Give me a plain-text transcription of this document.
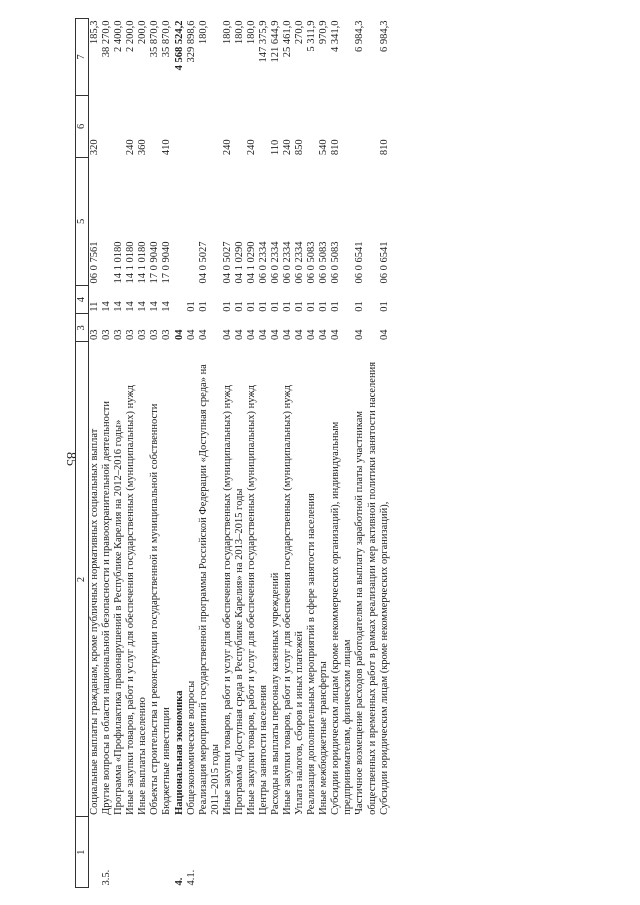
85
1	2	3	4	5	6	7
	Социальные выплаты гражданам, кроме публичных нормативных социальных выплат	03	11	06 0 7561	320	185,3
3.5.	Другие вопросы в области национальной безопасности и правоохранительной деятельности	03	14			38 270,0
	Программа «Профилактика правонарушений в Республике Карелия на 2012–2016 годы»	03	14	14 1 0180		2 400,0
	Иные закупки товаров, работ и услуг для обеспечения государственных (муниципальных) нужд	03	14	14 1 0180	240	2 200,0
	Иные выплаты населению	03	14	14 1 0180	360	200,0
	Объекты строительства и реконструкции государственной и муниципальной собственности	03	14	17 0 9040		35 870,0
	Бюджетные инвестиции	03	14	17 0 9040	410	35 870,0
4.	Национальная экономика	04				4 568 524,2
4.1.	Общеэкономические вопросы	04	01			329 898,6
	Реализация мероприятий государственной программы Российской Федерации «Доступная среда» на 2011–2015 годы	04	01	04 0 5027		180,0
	Иные закупки товаров, работ и услуг для обеспечения государственных (муниципальных) нужд	04	01	04 0 5027	240	180,0
	Программа «Доступная среда в Республике Карелия» на 2013–2015 годы	04	01	04 1 0290		180,0
	Иные закупки товаров, работ и услуг для обеспечения государственных (муниципальных) нужд	04	01	04 1 0290	240	180,0
	Центры занятости населения	04	01	06 0 2334		147 375,9
	Расходы на выплаты персоналу казенных учреждений	04	01	06 0 2334	110	121 644,9
	Иные закупки товаров, работ и услуг для обеспечения государственных (муниципальных) нужд	04	01	06 0 2334	240	25 461,0
	Уплата налогов, сборов и иных платежей	04	01	06 0 2334	850	270,0
	Реализация дополнительных мероприятий в сфере занятости населения	04	01	06 0 5083		5 311,9
	Иные межбюджетные трансферты	04	01	06 0 5083	540	970,9
	Субсидии юридическим лицам (кроме некоммерческих организаций), индивидуальным предпринимателям, физическим лицам	04	01	06 0 5083	810	4 341,0
	Частичное возмещение расходов работодателям на выплату заработной платы участникам общественных и временных работ в рамках реализации мер активной политики занятости населения	04	01	06 0 6541		6 984,3
	Субсидии юридическим лицам (кроме некоммерческих организаций),	04	01	06 0 6541	810	6 984,3
